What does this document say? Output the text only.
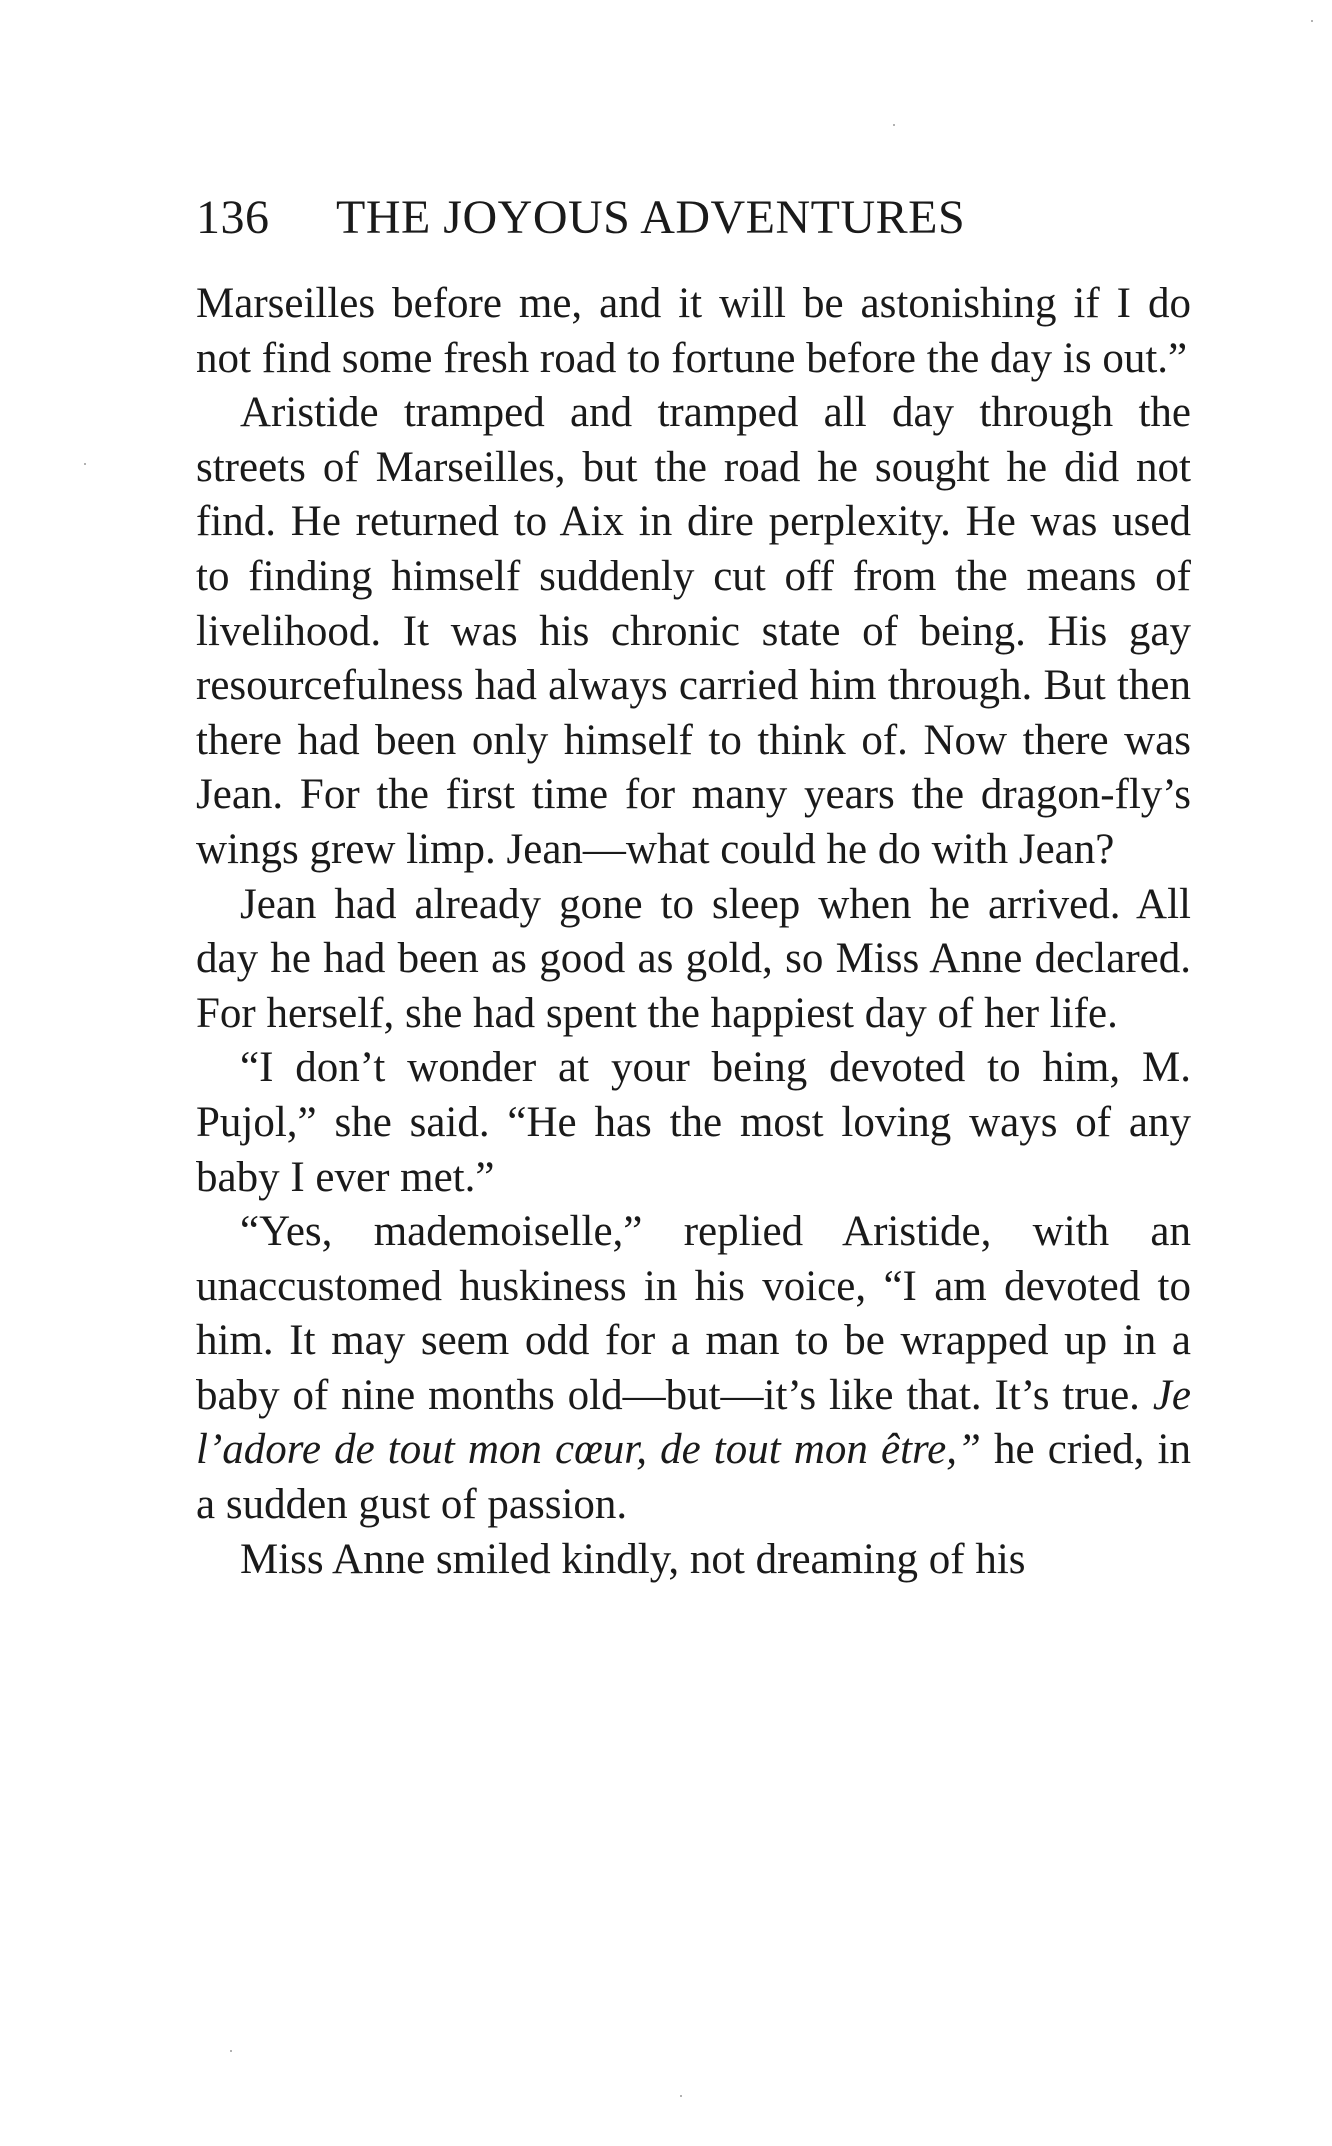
136 THE JOYOUS ADVENTURES

Marseilles before me, and it will be astonishing if I do not find some fresh road to fortune before the day is out.”

Aristide tramped and tramped all day through the streets of Marseilles, but the road he sought he did not find. He returned to Aix in dire perplexity. He was used to finding himself suddenly cut off from the means of livelihood. It was his chronic state of being. His gay resourcefulness had always carried him through. But then there had been only himself to think of. Now there was Jean. For the first time for many years the dragon-fly’s wings grew limp. Jean—what could he do with Jean?

Jean had already gone to sleep when he arrived. All day he had been as good as gold, so Miss Anne declared. For herself, she had spent the happiest day of her life.

“I don’t wonder at your being devoted to him, M. Pujol,” she said. “He has the most loving ways of any baby I ever met.”

“Yes, mademoiselle,” replied Aristide, with an unaccustomed huskiness in his voice, “I am devoted to him. It may seem odd for a man to be wrapped up in a baby of nine months old—but—it’s like that. It’s true. Je l’adore de tout mon cœur, de tout mon être,” he cried, in a sudden gust of passion.

Miss Anne smiled kindly, not dreaming of his
